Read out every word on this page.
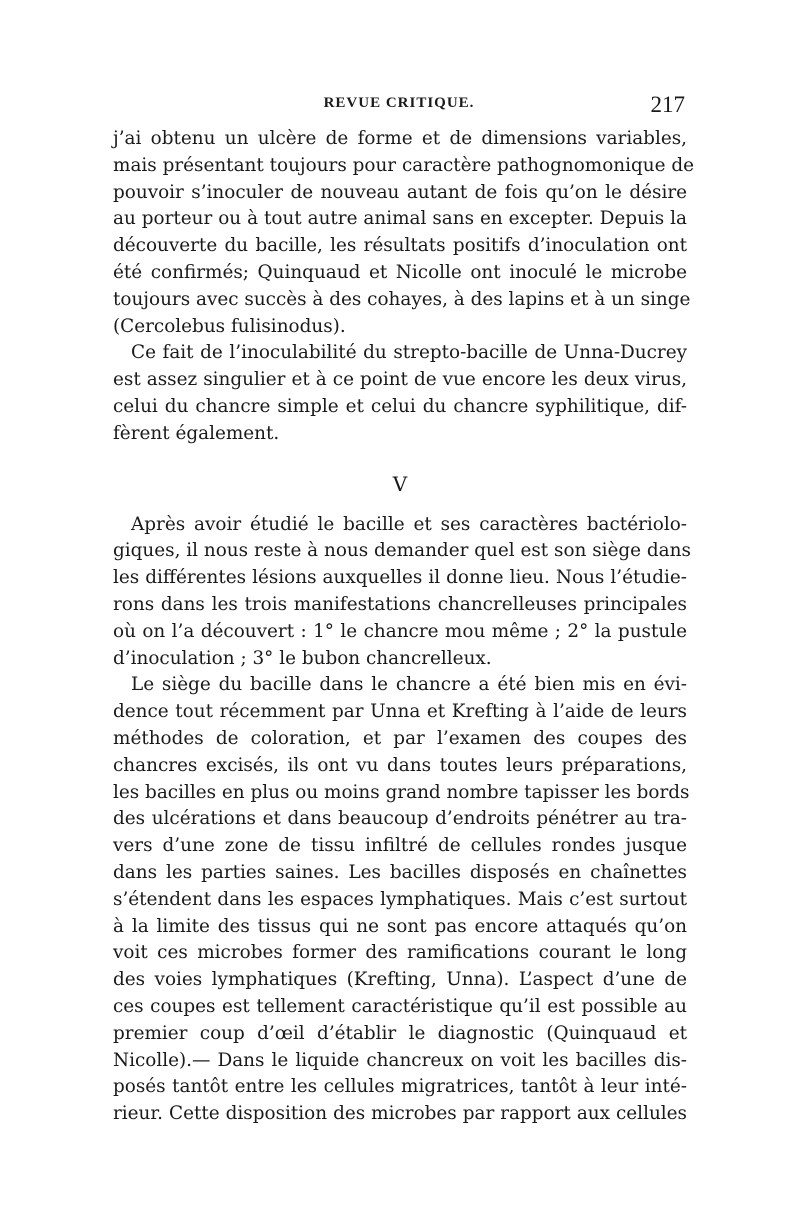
REVUE CRITIQUE.	217
j’ai obtenu un ulcère de forme et de dimensions variables,
mais présentant toujours pour caractère pathognomonique de
pouvoir s’inoculer de nouveau autant de fois qu’on le désire
au porteur ou à tout autre animal sans en excepter. Depuis la
découverte du bacille, les résultats positifs d’inoculation ont
été confirmés; Quinquaud et Nicolle ont inoculé le microbe
toujours avec succès à des cohayes, à des lapins et à un singe
(Cercolebus fulisinodus).
Ce fait de l’inoculabilité du strepto-bacille de Unna-Ducrey
est assez singulier et à ce point de vue encore les deux virus,
celui du chancre simple et celui du chancre syphilitique, dif-
fèrent également.
V
Après avoir étudié le bacille et ses caractères bactériolo-
giques, il nous reste à nous demander quel est son siège dans
les différentes lésions auxquelles il donne lieu. Nous l’étudie-
rons dans les trois manifestations chancrelleuses principales
où on l’a découvert : 1° le chancre mou même ; 2° la pustule
d’inoculation ; 3° le bubon chancrelleux.
Le siège du bacille dans le chancre a été bien mis en évi-
dence tout récemment par Unna et Krefting à l’aide de leurs
méthodes de coloration, et par l’examen des coupes des
chancres excisés, ils ont vu dans toutes leurs préparations,
les bacilles en plus ou moins grand nombre tapisser les bords
des ulcérations et dans beaucoup d’endroits pénétrer au tra-
vers d’une zone de tissu infiltré de cellules rondes jusque
dans les parties saines. Les bacilles disposés en chaînettes
s’étendent dans les espaces lymphatiques. Mais c’est surtout
à la limite des tissus qui ne sont pas encore attaqués qu’on
voit ces microbes former des ramifications courant le long
des voies lymphatiques (Krefting, Unna). L’aspect d’une de
ces coupes est tellement caractéristique qu’il est possible au
premier coup d’œil d’établir le diagnostic (Quinquaud et
Nicolle).— Dans le liquide chancreux on voit les bacilles dis-
posés tantôt entre les cellules migratrices, tantôt à leur inté-
rieur. Cette disposition des microbes par rapport aux cellules
